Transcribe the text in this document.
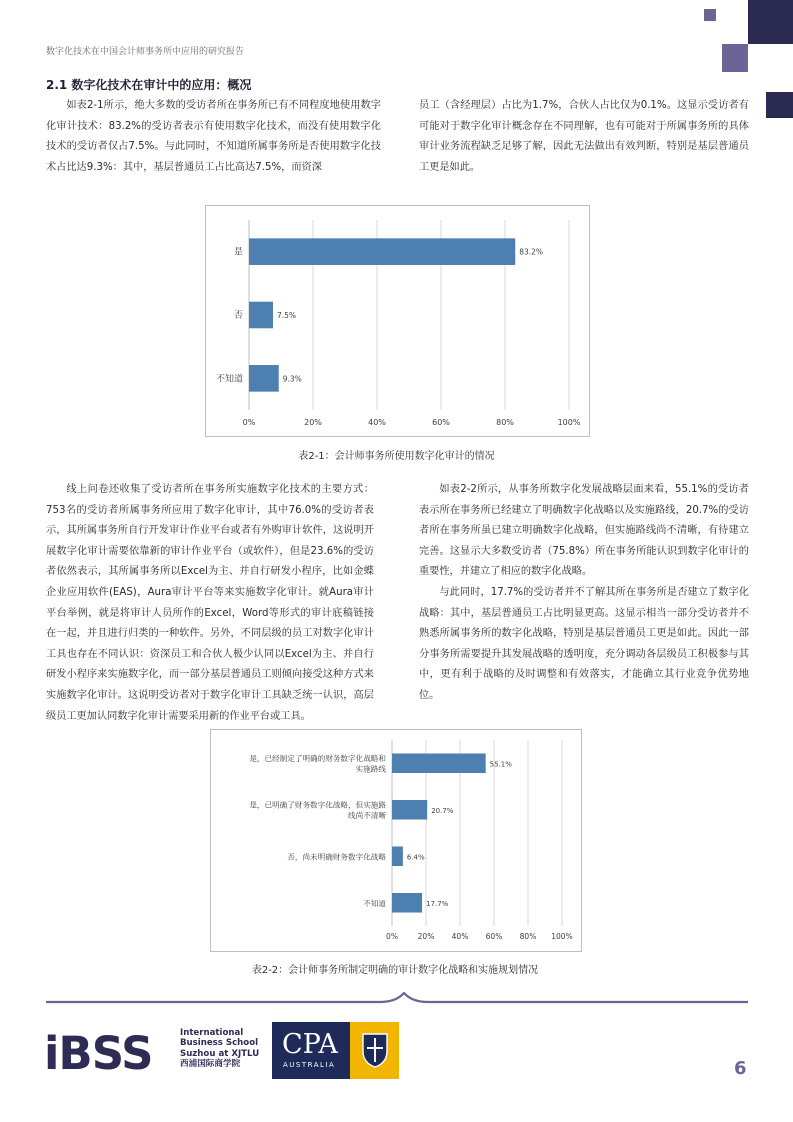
数字化技术在中国会计师事务所中应用的研究报告
2.1 数字化技术在审计中的应用：概况

如表2-1所示，绝大多数的受访者所在事务所已有不同程度地使用数字化审计技术：83.2%的受访者表示有使用数字化技术，而没有使用数字化技术的受访者仅占7.5%。与此同时，不知道所属事务所是否使用数字化技术占比达9.3%：其中，基层普通员工占比高达7.5%，而资深

员工（含经理层）占比为1.7%，合伙人占比仅为0.1%。这显示受访者有可能对于数字化审计概念存在不同理解，也有可能对于所属事务所的具体审计业务流程缺乏足够了解，因此无法做出有效判断，特别是基层普通员工更是如此。

0%	20%	40%	60%	80%	100%
83.2%
是
7.5%
否
9.3%
不知道
表2-1：会计师事务所使用数字化审计的情况

线上问卷还收集了受访者所在事务所实施数字化技术的主要方式：753名的受访者所属事务所应用了数字化审计，其中76.0%的受访者表示，其所属事务所自行开发审计作业平台或者有外购审计软件，这说明开展数字化审计需要依靠新的审计作业平台（或软件），但是23.6%的受访者依然表示，其所属事务所以Excel为主、并自行研发小程序，比如金蝶企业应用软件(EAS)，Aura审计平台等来实施数字化审计。就Aura审计平台举例，就是将审计人员所作的Excel，Word等形式的审计底稿链接在一起，并且进行归类的一种软件。另外，不同层级的员工对数字化审计工具也存在不同认识：资深员工和合伙人极少认同以Excel为主、并自行研发小程序来实施数字化，而一部分基层普通员工则倾向接受这种方式来实施数字化审计。这说明受访者对于数字化审计工具缺乏统一认识，高层级员工更加认同数字化审计需要采用新的作业平台或工具。

如表2-2所示，从事务所数字化发展战略层面来看，55.1%的受访者表示所在事务所已经建立了明确数字化战略以及实施路线，20.7%的受访者所在事务所虽已建立明确数字化战略，但实施路线尚不清晰，有待建立完善。这显示大多数受访者（75.8%）所在事务所能认识到数字化审计的重要性，并建立了相应的数字化战略。

与此同时，17.7%的受访者并不了解其所在事务所是否建立了数字化战略：其中，基层普通员工占比明显更高。这显示相当一部分受访者并不熟悉所属事务所的数字化战略，特别是基层普通员工更是如此。因此一部分事务所需要提升其发展战略的透明度，充分调动各层级员工积极参与其中，更有利于战略的及时调整和有效落实，才能确立其行业竞争优势地位。

0%	20% 40% 60% 80% 100%
55.1%
是，已经制定了明确的财务数字化战略和
实施路线
20.7%
是，已明确了财务数字化战略，但实施路
线尚不清晰
6.4%
否，尚未明确财务数字化战略
17.7%
不知道
表2-2：会计师事务所制定明确的审计数字化战略和实施规划情况
iBSS	International
Business School
Suzhou at XJTLU
西浦国际商学院
CPA
AUSTRALIA	6
